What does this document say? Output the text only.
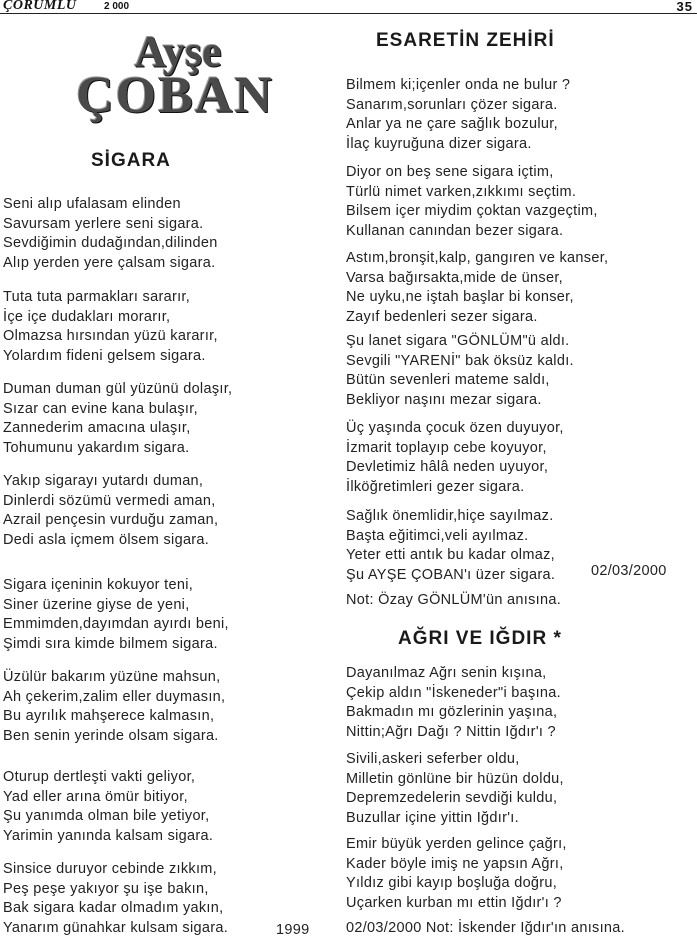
ÇORUMLU	2 000	35
Ayşe
ÇOBAN
SİGARA
Seni alıp ufalasam elinden
Savursam yerlere seni sigara.
Sevdiğimin dudağından,dilinden
Alıp yerden yere çalsam sigara.
Tuta tuta parmakları sararır,
İçe içe dudakları morarır,
Olmazsa hırsından yüzü kararır,
Yolardım fideni gelsem sigara.
Duman duman gül yüzünü dolaşır,
Sızar can evine kana bulaşır,
Zannederim amacına ulaşır,
Tohumunu yakardım sigara.
Yakıp sigarayı yutardı duman,
Dinlerdi sözümü vermedi aman,
Azrail pençesin vurduğu zaman,
Dedi asla içmem ölsem sigara.
Sigara içeninin kokuyor teni,
Siner üzerine giyse de yeni,
Emmimden,dayımdan ayırdı beni,
Şimdi sıra kimde bilmem sigara.
Üzülür bakarım yüzüne mahsun,
Ah çekerim,zalim eller duymasın,
Bu ayrılık mahşerece kalmasın,
Ben senin yerinde olsam sigara.
Oturup dertleşti vakti geliyor,
Yad eller arına ömür bitiyor,
Şu yanımda olman bile yetiyor,
Yarimin yanında kalsam sigara.
Sinsice duruyor cebinde zıkkım,
Peş peşe yakıyor şu işe bakın,
Bak sigara kadar olmadım yakın,
Yanarım günahkar kulsam sigara.	1999
ESARETİN ZEHİRİ
Bilmem ki;içenler onda ne bulur ?
Sanarım,sorunları çözer sigara.
Anlar ya ne çare sağlık bozulur,
İlaç kuyruğuna dizer sigara.
Diyor on beş sene sigara içtim,
Türlü nimet varken,zıkkımı seçtim.
Bilsem içer miydim çoktan vazgeçtim,
Kullanan canından bezer sigara.
Astım,bronşit,kalp, gangıren ve kanser,
Varsa bağırsakta,mide de ünser,
Ne uyku,ne iştah başlar bi konser,
Zayıf bedenleri sezer sigara.
Şu lanet sigara "GÖNLÜM"ü aldı.
Sevgili "YARENİ" bak öksüz kaldı.
Bütün sevenleri mateme saldı,
Bekliyor naşını mezar sigara.
Üç yaşında çocuk özen duyuyor,
İzmarit toplayıp cebe koyuyor,
Devletimiz hâlâ neden uyuyor,
İlköğretimleri gezer sigara.
Sağlık önemlidir,hiçe sayılmaz.
Başta eğitimci,veli ayılmaz.
Yeter etti antık bu kadar olmaz,
Şu AYŞE ÇOBAN'ı üzer sigara. 02/03/2000
Not: Özay GÖNLÜM'ün anısına.
AĞRI VE IĞDIR *
Dayanılmaz Ağrı senin kışına,
Çekip aldın "İskeneder"i başına.
Bakmadın mı gözlerinin yaşına,
Nittin;Ağrı Dağı ? Nittin Iğdır'ı ?
Sivili,askeri seferber oldu,
Milletin gönlüne bir hüzün doldu,
Depremzedelerin sevdiği kuldu,
Buzullar içine yittin Iğdır'ı.
Emir büyük yerden gelince çağrı,
Kader böyle imiş ne yapsın Ağrı,
Yıldız gibi kayıp boşluğa doğru,
Uçarken kurban mı ettin Iğdır'ı ?
02/03/2000 Not: İskender Iğdır'ın anısına.
